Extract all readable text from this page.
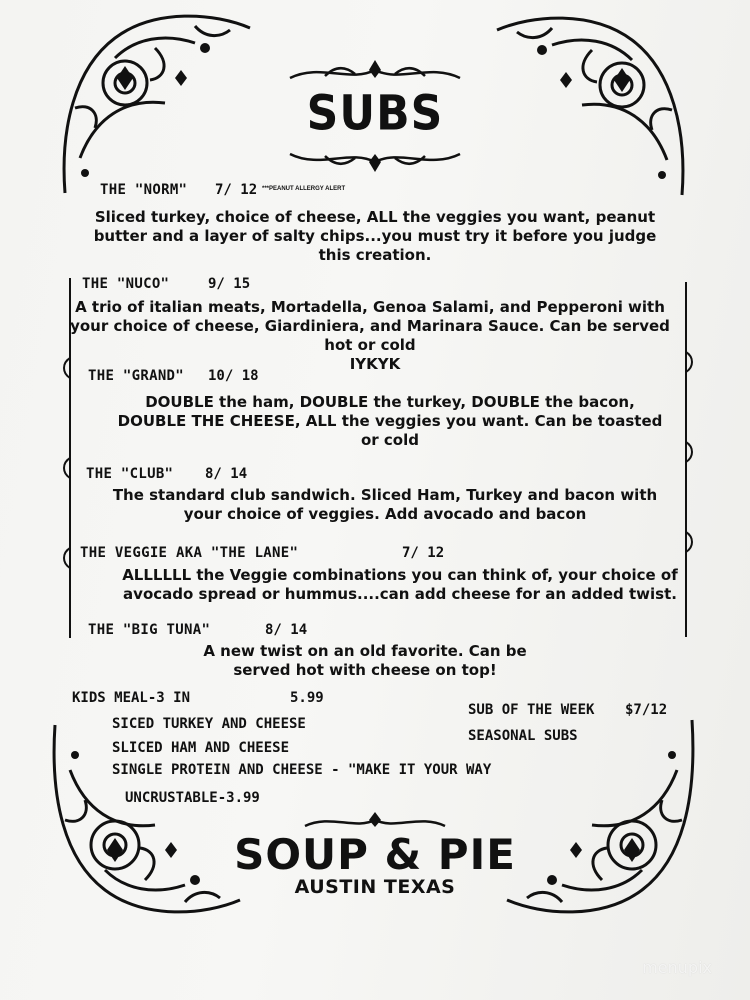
SUBS
THE "NORM" 7/ 12 ***PEANUT ALLERGY ALERT
Sliced turkey, choice of cheese, ALL the veggies you want, peanut butter and a layer of salty chips...you must try it before you judge this creation.
THE "NUCO"	9/ 15
A trio of italian meats, Mortadella, Genoa Salami, and Pepperoni with your choice of cheese, Giardiniera, and Marinara Sauce. Can be served hot or cold
IYKYK
THE "GRAND" 10/ 18
DOUBLE the ham, DOUBLE the turkey, DOUBLE the bacon, DOUBLE THE CHEESE, ALL the veggies you want. Can be toasted or cold
THE "CLUB" 8/ 14
The standard club sandwich. Sliced Ham, Turkey and bacon with your choice of veggies. Add avocado and bacon
THE VEGGIE AKA "THE LANE"	7/ 12
ALLLLLL the Veggie combinations you can think of, your choice of avocado spread or hummus....can add cheese for an added twist.
THE "BIG TUNA"	8/ 14
A new twist on an old favorite. Can be served hot with cheese on top!
KIDS MEAL-3 IN	5.99
SICED TURKEY AND CHEESE
SLICED HAM AND CHEESE
SINGLE PROTEIN AND CHEESE - "MAKE IT YOUR WAY
UNCRUSTABLE-3.99
SUB OF THE WEEK $7/12
SEASONAL SUBS
SOUP & PIE
AUSTIN TEXAS
menupix
